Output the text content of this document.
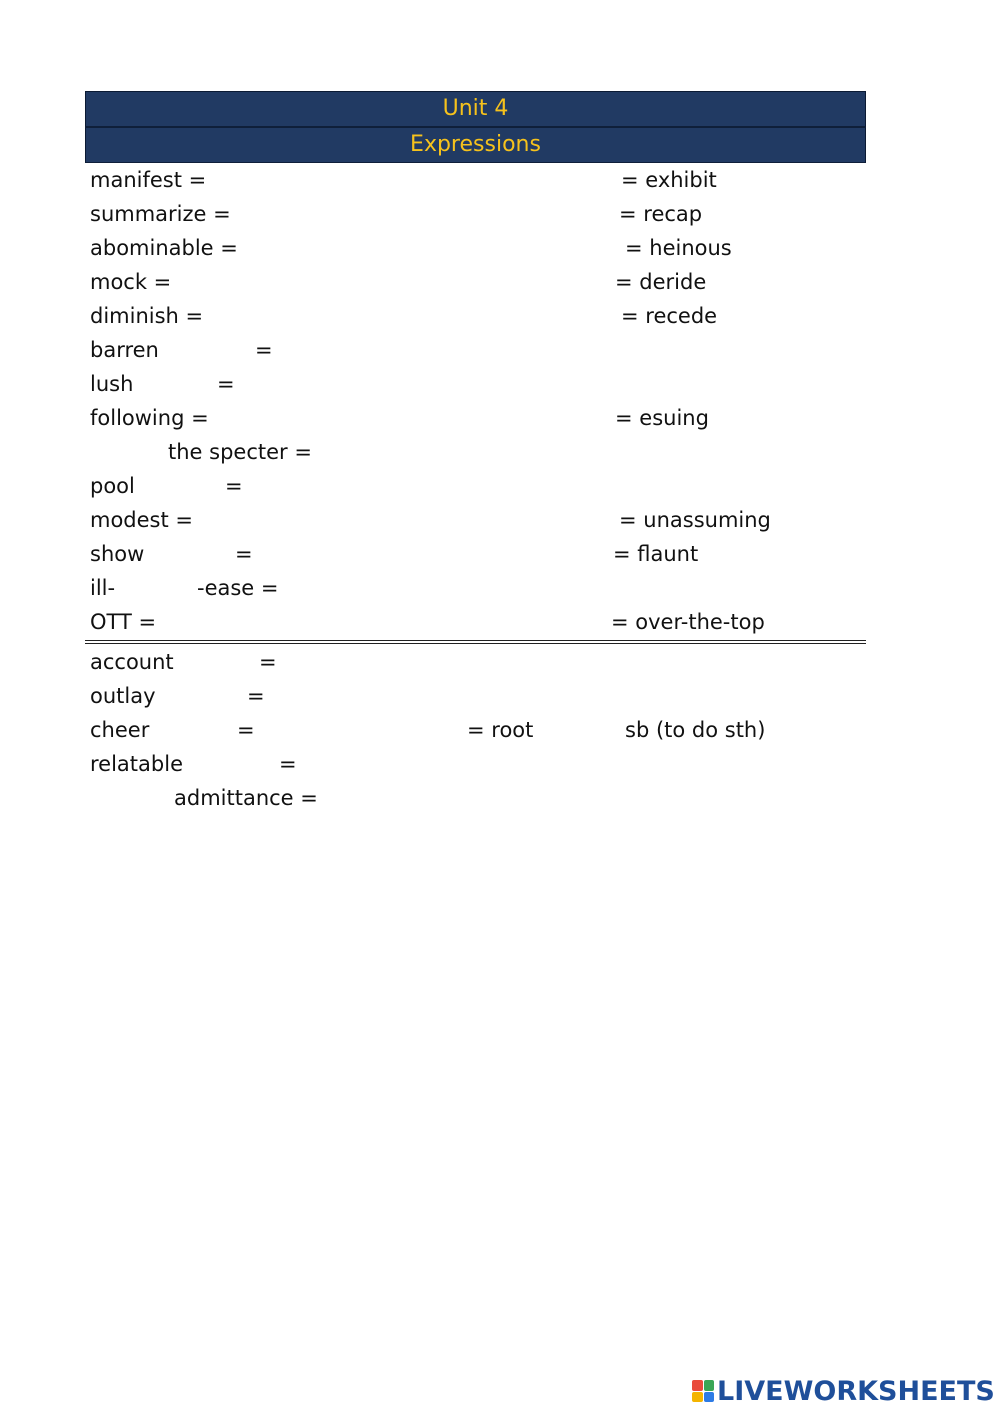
Unit 4
Expressions
manifest =	= exhibit
summarize =	= recap
abominable =	= heinous
mock =	= deride
diminish =	= recede
barren	=
lush	=
following =	= esuing
the specter =
pool	=
modest =	= unassuming
show	=	= flaunt
ill-	-ease =
OTT =	= over-the-top
account	=
outlay	=
cheer	=	= root	sb (to do sth)
relatable	=
admittance =
LIVEWORKSHEETS
